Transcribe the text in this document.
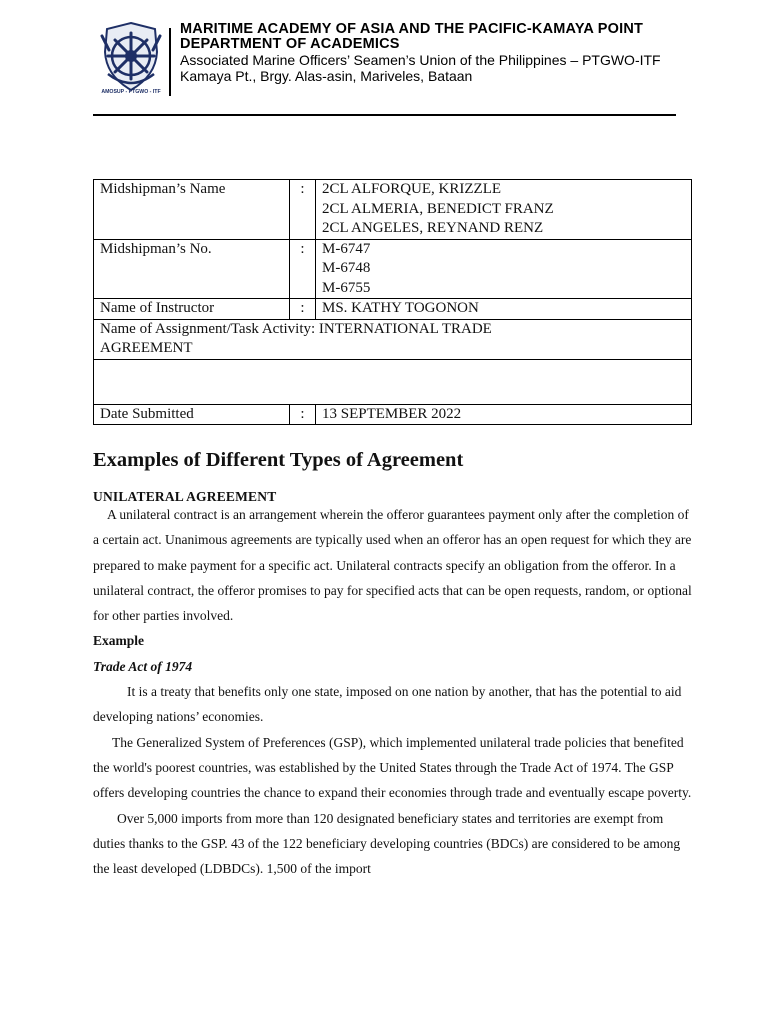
AMOSUP - PTGWO - ITF
MARITIME ACADEMY OF ASIA AND THE PACIFIC-KAMAYA POINT
DEPARTMENT OF ACADEMICS
Associated Marine Officers’ Seamen’s Union of the Philippines – PTGWO-ITF
Kamaya Pt., Brgy. Alas-asin, Mariveles, Bataan
Midshipman’s Name	:	2CL ALFORQUE, KRIZZLE
2CL ALMERIA, BENEDICT FRANZ
2CL ANGELES, REYNAND RENZ

Midshipman’s No.	:	M-6747
M-6748
M-6755

Name of Instructor	:	MS. KATHY TOGONON
Name of Assignment/Task Activity: INTERNATIONAL TRADE AGREEMENT		

Date Submitted	:	13 SEPTEMBER 2022
Examples of Different Types of Agreement
UNILATERAL AGREEMENT

A unilateral contract is an arrangement wherein the offeror guarantees payment only after the completion of a certain act. Unanimous agreements are typically used when an offeror has an open request for which they are prepared to make payment for a specific act. Unilateral contracts specify an obligation from the offeror. In a unilateral contract, the offeror promises to pay for specified acts that can be open requests, random, or optional for other parties involved.

Example

Trade Act of 1974

It is a treaty that benefits only one state, imposed on one nation by another, that has the potential to aid developing nations’ economies.

The Generalized System of Preferences (GSP), which implemented unilateral trade policies that benefited the world's poorest countries, was established by the United States through the Trade Act of 1974. The GSP offers developing countries the chance to expand their economies through trade and eventually escape poverty.

Over 5,000 imports from more than 120 designated beneficiary states and territories are exempt from duties thanks to the GSP. 43 of the 122 beneficiary developing countries (BDCs) are considered to be among the least developed (LDBDCs). 1,500 of the import
